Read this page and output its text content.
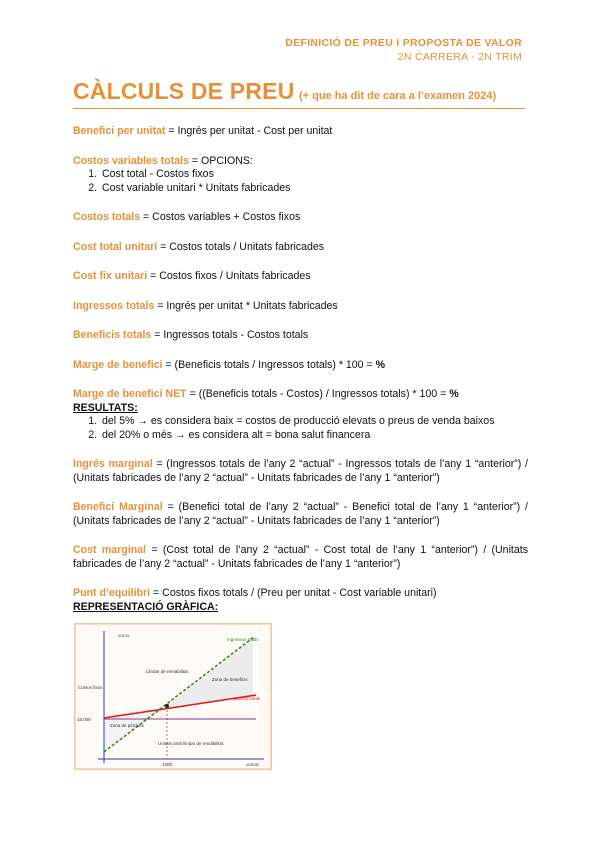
DEFINICIÓ DE PREU I PROPOSTA DE VALOR
2N CARRERA - 2N TRIM
CÀLCULS DE PREU (+ que ha dit de cara a l’examen 2024)

Benefici per unitat = Ingrés per unitat - Cost per unitat

Costos variables totals = OPCIONS:

1. Cost total - Costos fixos
2. Cost variable unitari * Unitats fabricades

Costos totals = Costos variables + Costos fixos

Cost total unitari = Costos totals / Unitats fabricades

Cost fix unitari = Costos fixos / Unitats fabricades

Ingressos totals = Ingrés per unitat * Unitats fabricades

Beneficis totals = Ingressos totals - Costos totals

Marge de benefici = (Beneficis totals / Ingressos totals) * 100 = %

Marge de benefici NET = ((Beneficis totals - Costos) / Ingressos totals) * 100 = %

RESULTATS:

1. del 5% → es considera baix = costos de producció elevats o preus de venda baixos
2. del 20% o més → es considera alt = bona salut financera

Ingrés marginal = (Ingressos totals de l’any 2 “actual” - Ingressos totals de l’any 1 “anterior”) / (Unitats fabricades de l’any 2 “actual” - Unitats fabricades de l’any 1 “anterior”)

Benefici Marginal = (Benefici total de l’any 2 “actual” - Benefici total de l’any 1 “anterior”) / (Unitats fabricades de l’any 2 “actual” - Unitats fabricades de l’any 1 “anterior”)

Cost marginal = (Cost total de l’any 2 “actual” - Cost total de l’any 1 “anterior”) / (Unitats fabricades de l’any 2 “actual” - Unitats fabricades de l’any 1 “anterior”)

Punt d’equilibri = Costos fixos totals / (Preu per unitat - Cost variable unitari)

REPRESENTACIÓ GRÀFICA:

euros
unitats
Ingressos totals
Costos totals
Costos fixos
Llindar de rentabilitat
Zona de beneficis
Zona de pèrdues
Unitats amb llindar de rendibilitat
15.000
1000
